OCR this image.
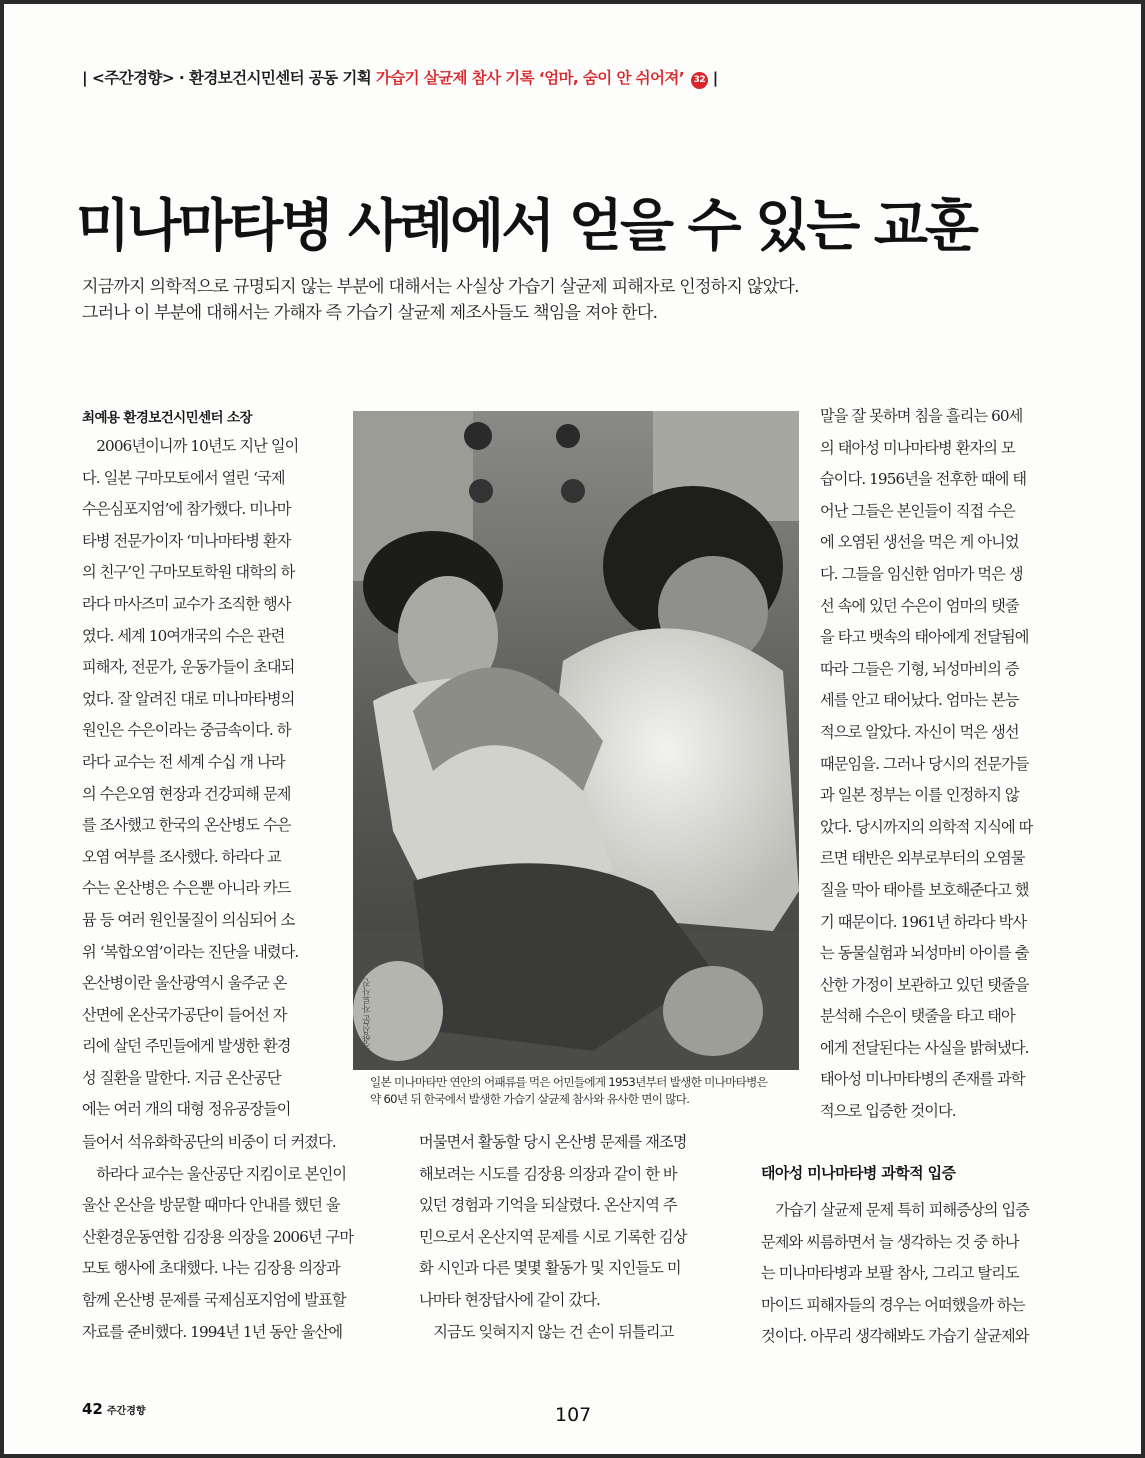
| <주간경향> · 환경보건시민센터 공동 기획 가습기 살균제 참사 기록 ‘엄마, 숨이 안 쉬어져’ 32 |
미나마타병 사례에서 얻을 수 있는 교훈

지금까지 의학적으로 규명되지 않는 부분에 대해서는 사실상 가습기 살균제 피해자로 인정하지 않았다.

그러나 이 부분에 대해서는 가해자 즉 가습기 살균제 제조사들도 책임을 져야 한다.

최예용 환경보건시민센터 소장

　2006년이니까 10년도 지난 일이

다. 일본 구마모토에서 열린 ‘국제

수은심포지엄’에 참가했다. 미나마

타병 전문가이자 ‘미나마타병 환자

의 친구’인 구마모토학원 대학의 하

라다 마사즈미 교수가 조직한 행사

였다. 세계 10여개국의 수은 관련

피해자, 전문가, 운동가들이 초대되

었다. 잘 알려진 대로 미나마타병의

원인은 수은이라는 중금속이다. 하

라다 교수는 전 세계 수십 개 나라

의 수은오염 현장과 건강피해 문제

를 조사했고 한국의 온산병도 수은

오염 여부를 조사했다. 하라다 교

수는 온산병은 수은뿐 아니라 카드

뮴 등 여러 원인물질이 의심되어 소

위 ‘복합오염’이라는 진단을 내렸다.

온산병이란 울산광역시 울주군 온

산면에 온산국가공단이 들어선 자

리에 살던 주민들에게 발생한 환경

성 질환을 말한다. 지금 온산공단

에는 여러 개의 대형 정유공장들이

들어서 석유화학공단의 비중이 더 커졌다.

　하라다 교수는 울산공단 지킴이로 본인이

울산 온산을 방문할 때마다 안내를 했던 울

산환경운동연합 김장용 의장을 2006년 구마

모토 행사에 초대했다. 나는 김장용 의장과

함께 온산병 문제를 국제심포지엄에 발표할

자료를 준비했다. 1994년 1년 동안 울산에

머물면서 활동할 당시 온산병 문제를 재조명

해보려는 시도를 김장용 의장과 같이 한 바

있던 경험과 기억을 되살렸다. 온산지역 주

민으로서 온산지역 문제를 시로 기록한 김상

화 시인과 다른 몇몇 활동가 및 지인들도 미

나마타 현장답사에 같이 갔다.

　지금도 잊혀지지 않는 건 손이 뒤틀리고

말을 잘 못하며 침을 흘리는 60세

의 태아성 미나마타병 환자의 모

습이다. 1956년을 전후한 때에 태

어난 그들은 본인들이 직접 수은

에 오염된 생선을 먹은 게 아니었

다. 그들을 임신한 엄마가 먹은 생

선 속에 있던 수은이 엄마의 탯줄

을 타고 뱃속의 태아에게 전달됨에

따라 그들은 기형, 뇌성마비의 증

세를 안고 태어났다. 엄마는 본능

적으로 알았다. 자신이 먹은 생선

때문임을. 그러나 당시의 전문가들

과 일본 정부는 이를 인정하지 않

았다. 당시까지의 의학적 지식에 따

르면 태반은 외부로부터의 오염물

질을 막아 태아를 보호해준다고 했

기 때문이다. 1961년 하라다 박사

는 동물실험과 뇌성마비 아이를 출

산한 가정이 보관하고 있던 탯줄을

분석해 수은이 탯줄을 타고 태아

에게 전달된다는 사실을 밝혀냈다.

태아성 미나마타병의 존재를 과학

적으로 입증한 것이다.

태아성 미나마타병 과학적 입증

　가습기 살균제 문제 특히 피해증상의 입증

문제와 씨름하면서 늘 생각하는 것 중 하나

는 미나마타병과 보팔 참사, 그리고 탈리도

마이드 피해자들의 경우는 어떠했을까 하는

것이다. 아무리 생각해봐도 가습기 살균제와

경향신문 자료사진

일본 미나마타만 연안의 어패류를 먹은 어민들에게 1953년부터 발생한 미나마타병은

약 60년 뒤 한국에서 발생한 가습기 살균제 참사와 유사한 면이 많다.

42 주간경향	107
